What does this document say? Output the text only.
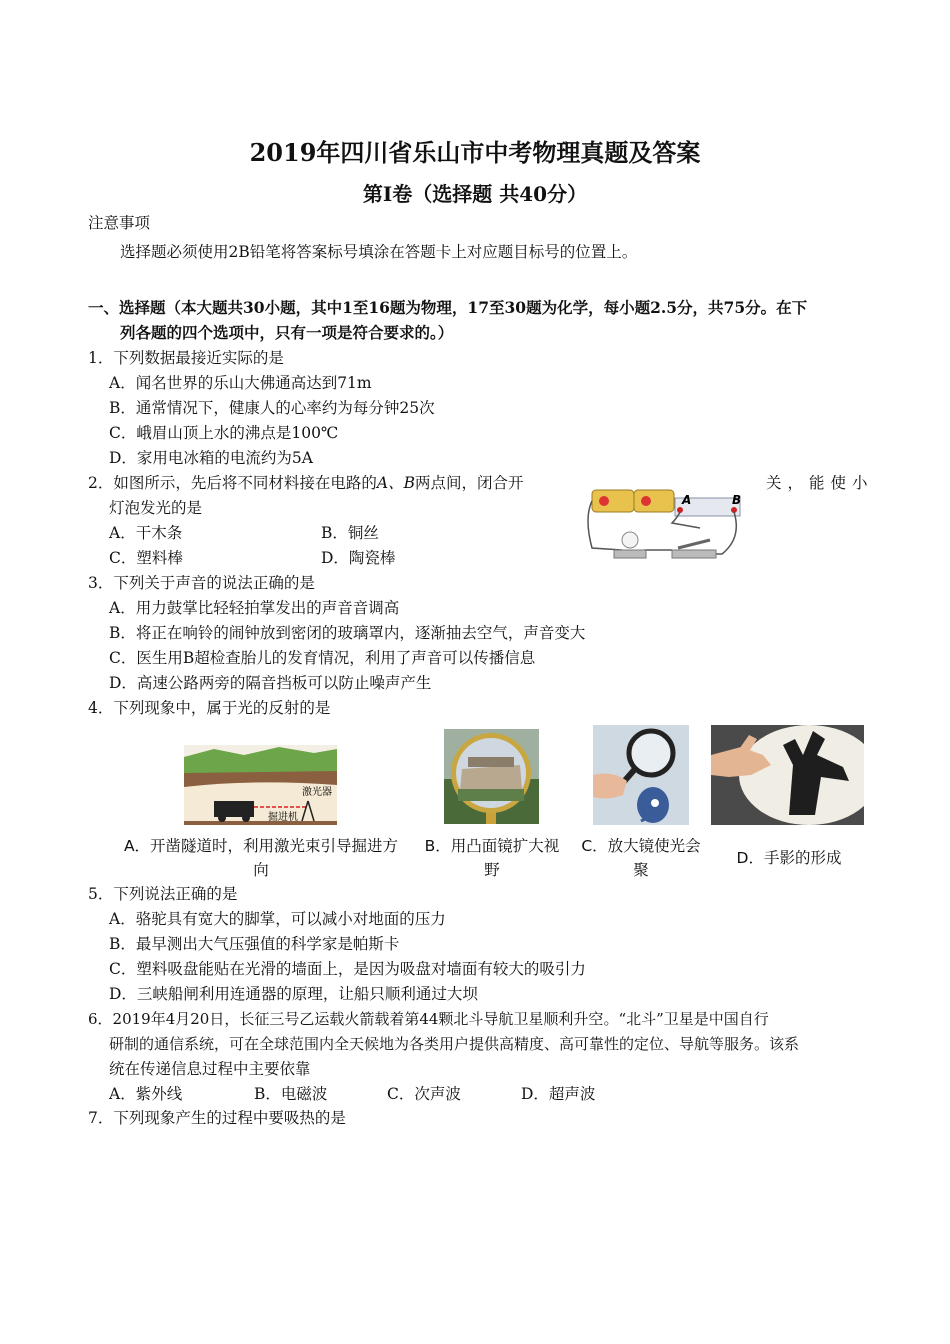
2019年四川省乐山市中考物理真题及答案
第Ⅰ卷（选择题 共40分）
注意事项
选择题必须使用2B铅笔将答案标号填涂在答题卡上对应题目标号的位置上。
一、选择题（本大题共30小题，其中1至16题为物理，17至30题为化学，每小题2.5分，共75分。在下
列各题的四个选项中，只有一项是符合要求的。）
1．下列数据最接近实际的是
A．闻名世界的乐山大佛通高达到71m
B．通常情况下，健康人的心率约为每分钟25次
C．峨眉山顶上水的沸点是100℃
D．家用电冰箱的电流约为5A
2．如图所示，先后将不同材料接在电路的A、B两点间，闭合开	关，能使小
灯泡发光的是
A．干木条	B．铜丝
C．塑料棒	D．陶瓷棒
A	B
3．下列关于声音的说法正确的是
A．用力鼓掌比轻轻拍掌发出的声音音调高
B．将正在响铃的闹钟放到密闭的玻璃罩内，逐渐抽去空气，声音变大
C．医生用B超检查胎儿的发育情况，利用了声音可以传播信息
D．高速公路两旁的隔音挡板可以防止噪声产生
4．下列现象中，属于光的反射的是
激光器
掘进机
A．开凿隧道时，利用激光束引导掘进方
向
B．用凸面镜扩大视
野
C．放大镜使光会
聚
D．手影的形成
5．下列说法正确的是
A．骆驼具有宽大的脚掌，可以减小对地面的压力
B．最早测出大气压强值的科学家是帕斯卡
C．塑料吸盘能贴在光滑的墙面上，是因为吸盘对墙面有较大的吸引力
D．三峡船闸利用连通器的原理，让船只顺利通过大坝
6．2019年4月20日，长征三号乙运载火箭载着第44颗北斗导航卫星顺利升空。“北斗”卫星是中国自行
研制的通信系统，可在全球范围内全天候地为各类用户提供高精度、高可靠性的定位、导航等服务。该系
统在传递信息过程中主要依靠
A．紫外线	B．电磁波	C．次声波	D．超声波
7．下列现象产生的过程中要吸热的是
